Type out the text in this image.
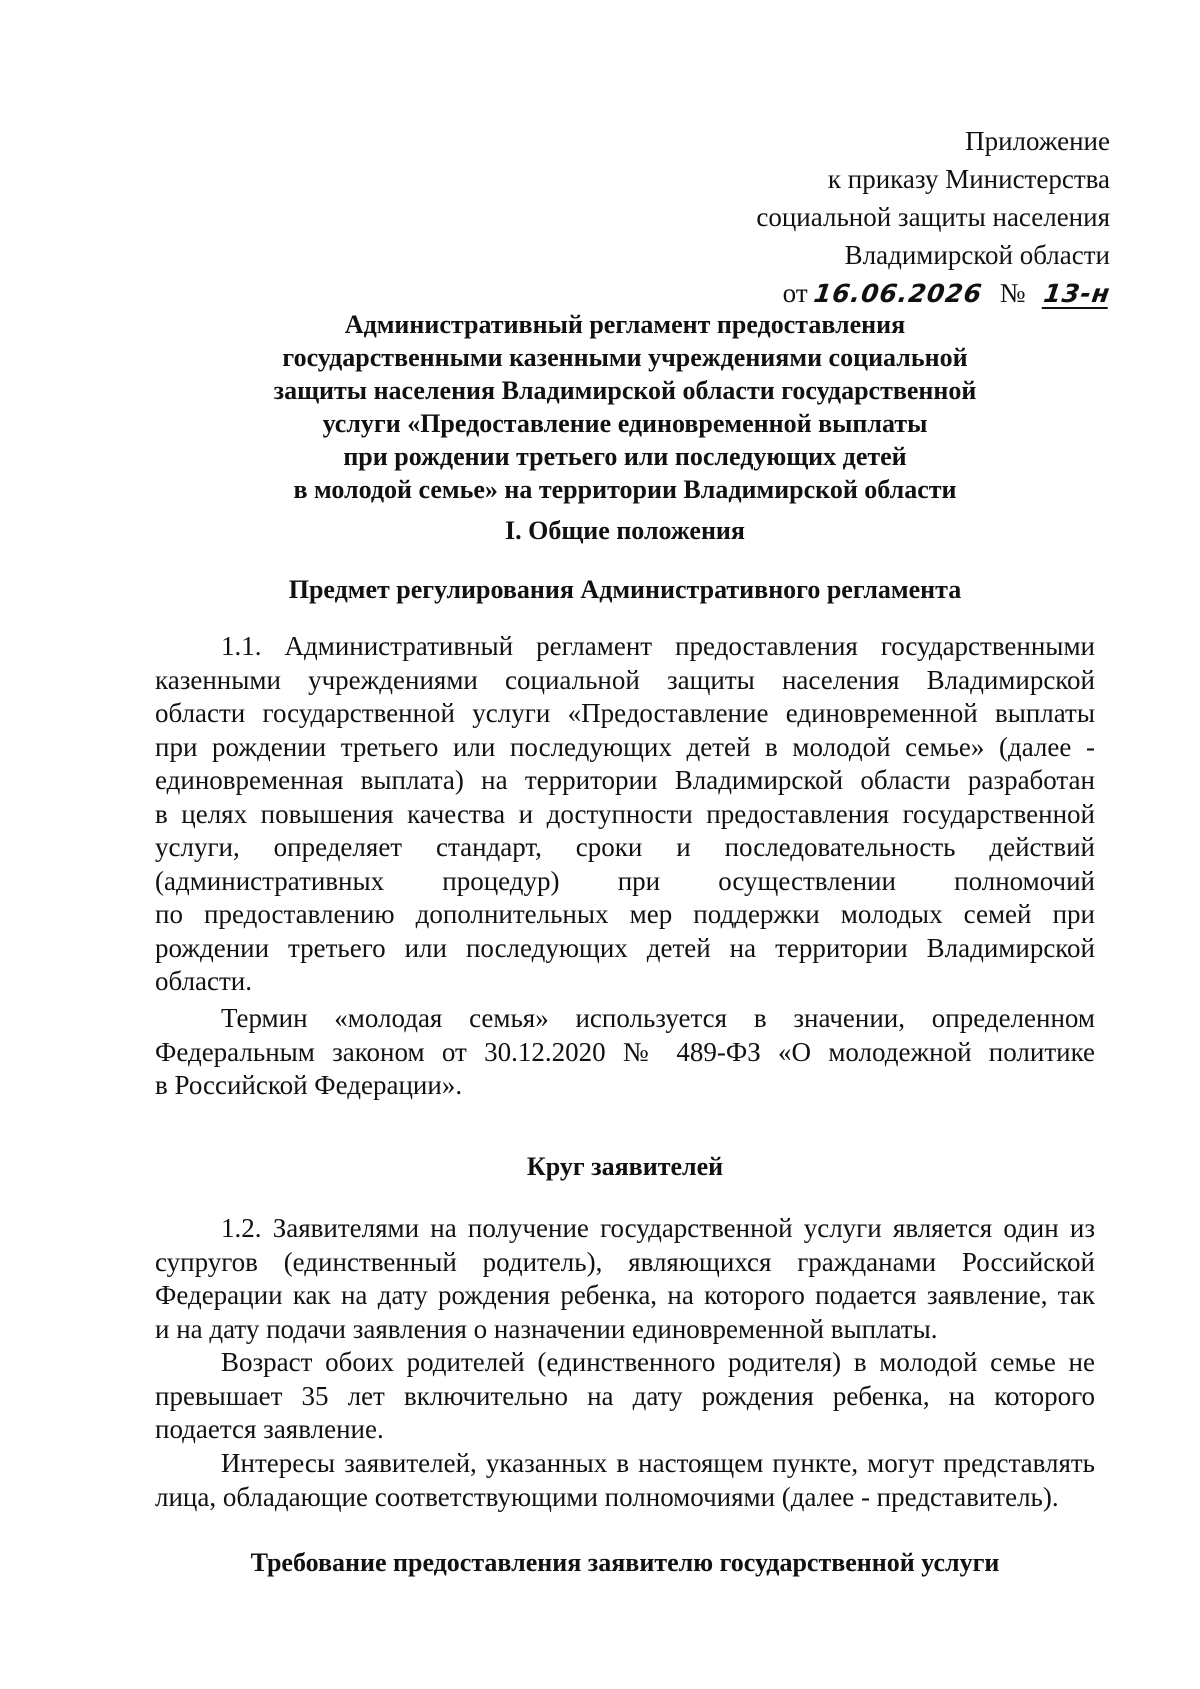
Приложение
к приказу Министерства
социальной защиты населения
Владимирской области
от 16.06.2026 № 13-н
Административный регламент предоставления
государственными казенными учреждениями социальной
защиты населения Владимирской области государственной
услуги «Предоставление единовременной выплаты
при рождении третьего или последующих детей
в молодой семье» на территории Владимирской области
I. Общие положения
Предмет регулирования Административного регламента
1.1. Административный регламент предоставления государственными
казенными учреждениями социальной защиты населения Владимирской
области государственной услуги «Предоставление единовременной выплаты
при рождении третьего или последующих детей в молодой семье» (далее -
единовременная выплата) на территории Владимирской области разработан
в целях повышения качества и доступности предоставления государственной
услуги, определяет стандарт, сроки и последовательность действий
(административных процедур) при осуществлении полномочий
по предоставлению дополнительных мер поддержки молодых семей при
рождении третьего или последующих детей на территории Владимирской
области.
Термин «молодая семья» используется в значении, определенном
Федеральным законом от 30.12.2020 № 489-ФЗ «О молодежной политике
в Российской Федерации».
Круг заявителей
1.2. Заявителями на получение государственной услуги является один из
супругов (единственный родитель), являющихся гражданами Российской
Федерации как на дату рождения ребенка, на которого подается заявление, так
и на дату подачи заявления о назначении единовременной выплаты.
Возраст обоих родителей (единственного родителя) в молодой семье не
превышает 35 лет включительно на дату рождения ребенка, на которого
подается заявление.
Интересы заявителей, указанных в настоящем пункте, могут представлять
лица, обладающие соответствующими полномочиями (далее - представитель).
Требование предоставления заявителю государственной услуги
